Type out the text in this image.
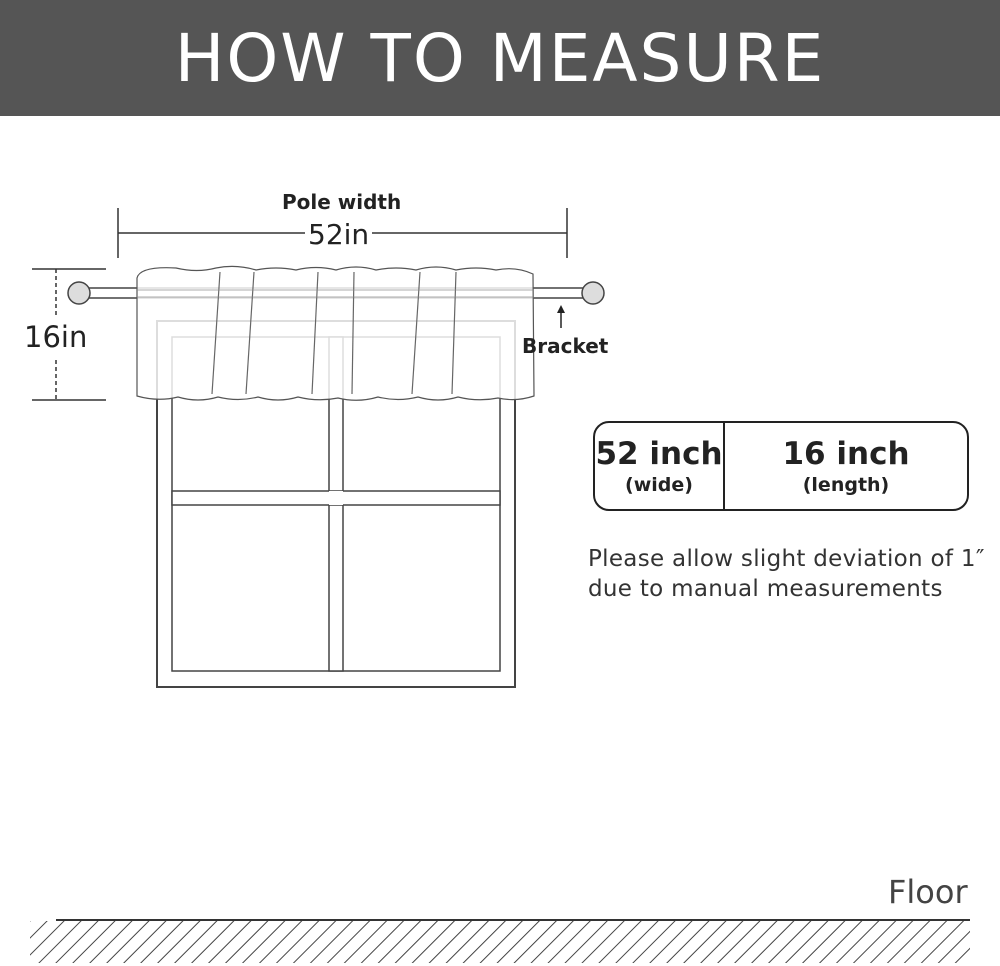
HOW TO MEASURE
Pole width
52in
16in	Bracket
52 inch
(wide)
16 inch
(length)
Please allow slight deviation of 1″
due to manual measurements
Floor
